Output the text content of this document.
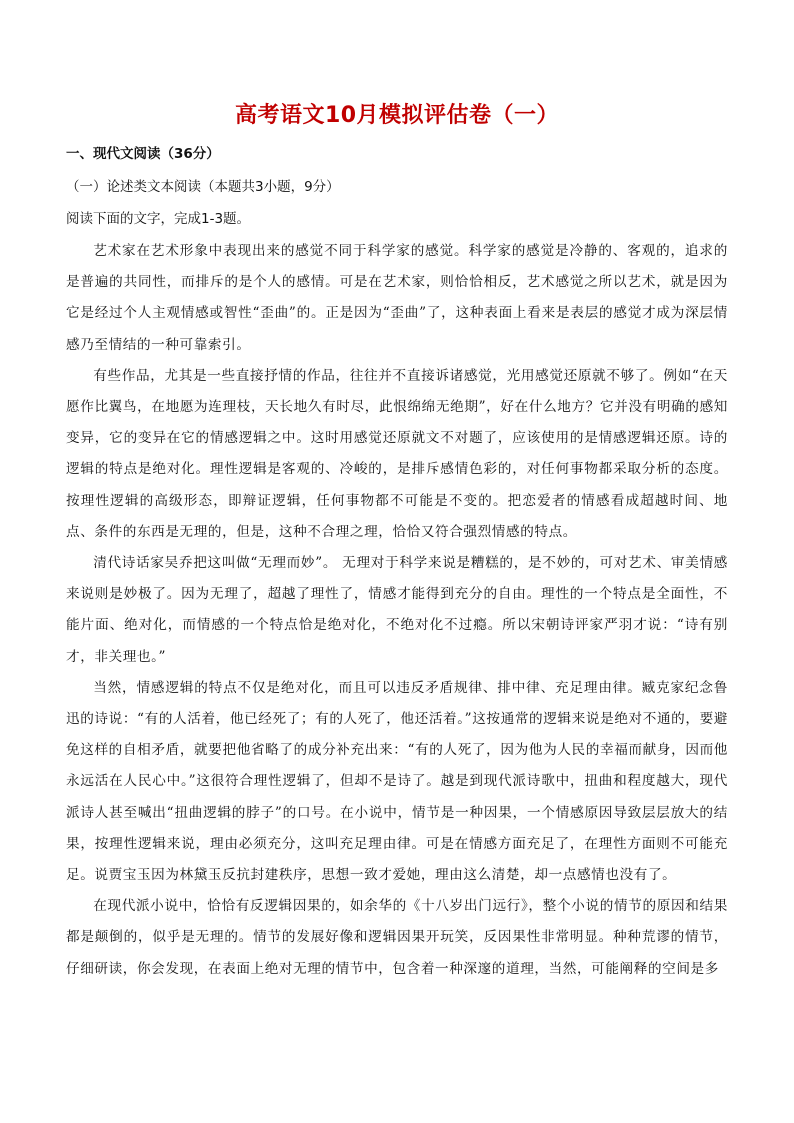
高考语文10月模拟评估卷（一）
一、现代文阅读（36分）
（一）论述类文本阅读（本题共3小题，9分）
阅读下面的文字，完成1-3题。

艺术家在艺术形象中表现出来的感觉不同于科学家的感觉。科学家的感觉是冷静的、客观的，追求的是普遍的共同性，而排斥的是个人的感情。可是在艺术家，则恰恰相反，艺术感觉之所以艺术，就是因为它是经过个人主观情感或智性“歪曲”的。正是因为“歪曲”了，这种表面上看来是表层的感觉才成为深层情感乃至情结的一种可靠索引。

有些作品，尤其是一些直接抒情的作品，往往并不直接诉诸感觉，光用感觉还原就不够了。例如“在天愿作比翼鸟，在地愿为连理枝，天长地久有时尽，此恨绵绵无绝期”，好在什么地方？它并没有明确的感知变异，它的变异在它的情感逻辑之中。这时用感觉还原就文不对题了，应该使用的是情感逻辑还原。诗的逻辑的特点是绝对化。理性逻辑是客观的、冷峻的，是排斥感情色彩的，对任何事物都采取分析的态度。按理性逻辑的高级形态，即辩证逻辑，任何事物都不可能是不变的。把恋爱者的情感看成超越时间、地点、条件的东西是无理的，但是，这种不合理之理，恰恰又符合强烈情感的特点。

清代诗话家吴乔把这叫做“无理而妙”。 无理对于科学来说是糟糕的，是不妙的，可对艺术、审美情感来说则是妙极了。因为无理了，超越了理性了，情感才能得到充分的自由。理性的一个特点是全面性，不能片面、绝对化，而情感的一个特点恰是绝对化，不绝对化不过瘾。所以宋朝诗评家严羽才说：“诗有别才，非关理也。”

当然，情感逻辑的特点不仅是绝对化，而且可以违反矛盾规律、排中律、充足理由律。臧克家纪念鲁迅的诗说：“有的人活着，他已经死了；有的人死了，他还活着。”这按通常的逻辑来说是绝对不通的，要避免这样的自相矛盾，就要把他省略了的成分补充出来：“有的人死了，因为他为人民的幸福而献身，因而他永远活在人民心中。”这很符合理性逻辑了，但却不是诗了。越是到现代派诗歌中，扭曲和程度越大，现代派诗人甚至喊出“扭曲逻辑的脖子”的口号。在小说中，情节是一种因果，一个情感原因导致层层放大的结果，按理性逻辑来说，理由必须充分，这叫充足理由律。可是在情感方面充足了，在理性方面则不可能充足。说贾宝玉因为林黛玉反抗封建秩序，思想一致才爱她，理由这么清楚，却一点感情也没有了。

在现代派小说中，恰恰有反逻辑因果的，如余华的《十八岁出门远行》，整个小说的情节的原因和结果都是颠倒的，似乎是无理的。情节的发展好像和逻辑因果开玩笑，反因果性非常明显。种种荒谬的情节，仔细研读，你会发现，在表面上绝对无理的情节中，包含着一种深邃的道理，当然，可能阐释的空间是多
